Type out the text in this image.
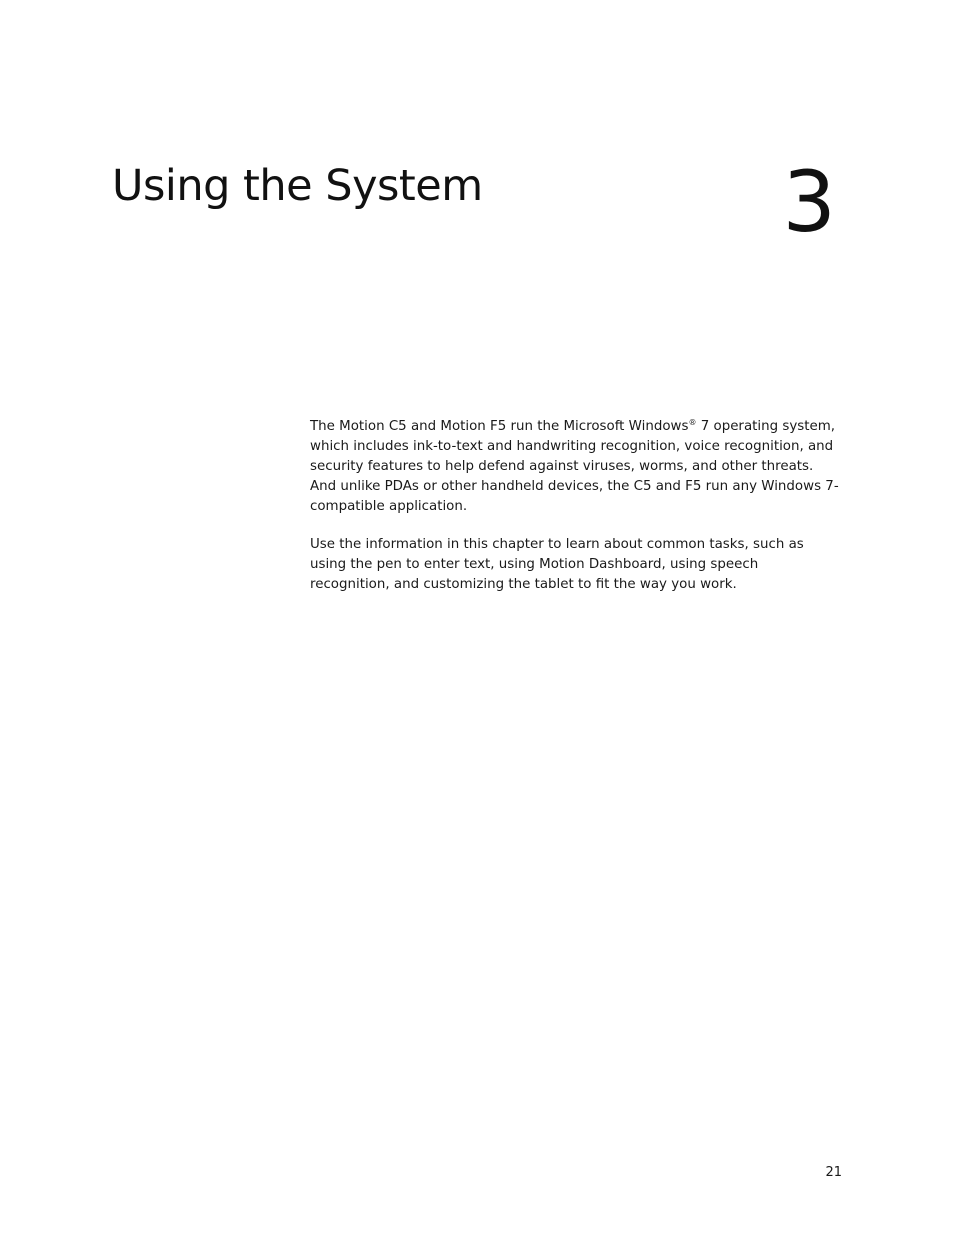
Using the System	3

The Motion C5 and Motion F5 run the Microsoft Windows® 7 operating system, which includes ink-to-text and handwriting recognition, voice recognition, and security features to help defend against viruses, worms, and other threats. And unlike PDAs or other handheld devices, the C5 and F5 run any Windows 7-compatible application.

Use the information in this chapter to learn about common tasks, such as using the pen to enter text, using Motion Dashboard, using speech recognition, and customizing the tablet to fit the way you work.

21
